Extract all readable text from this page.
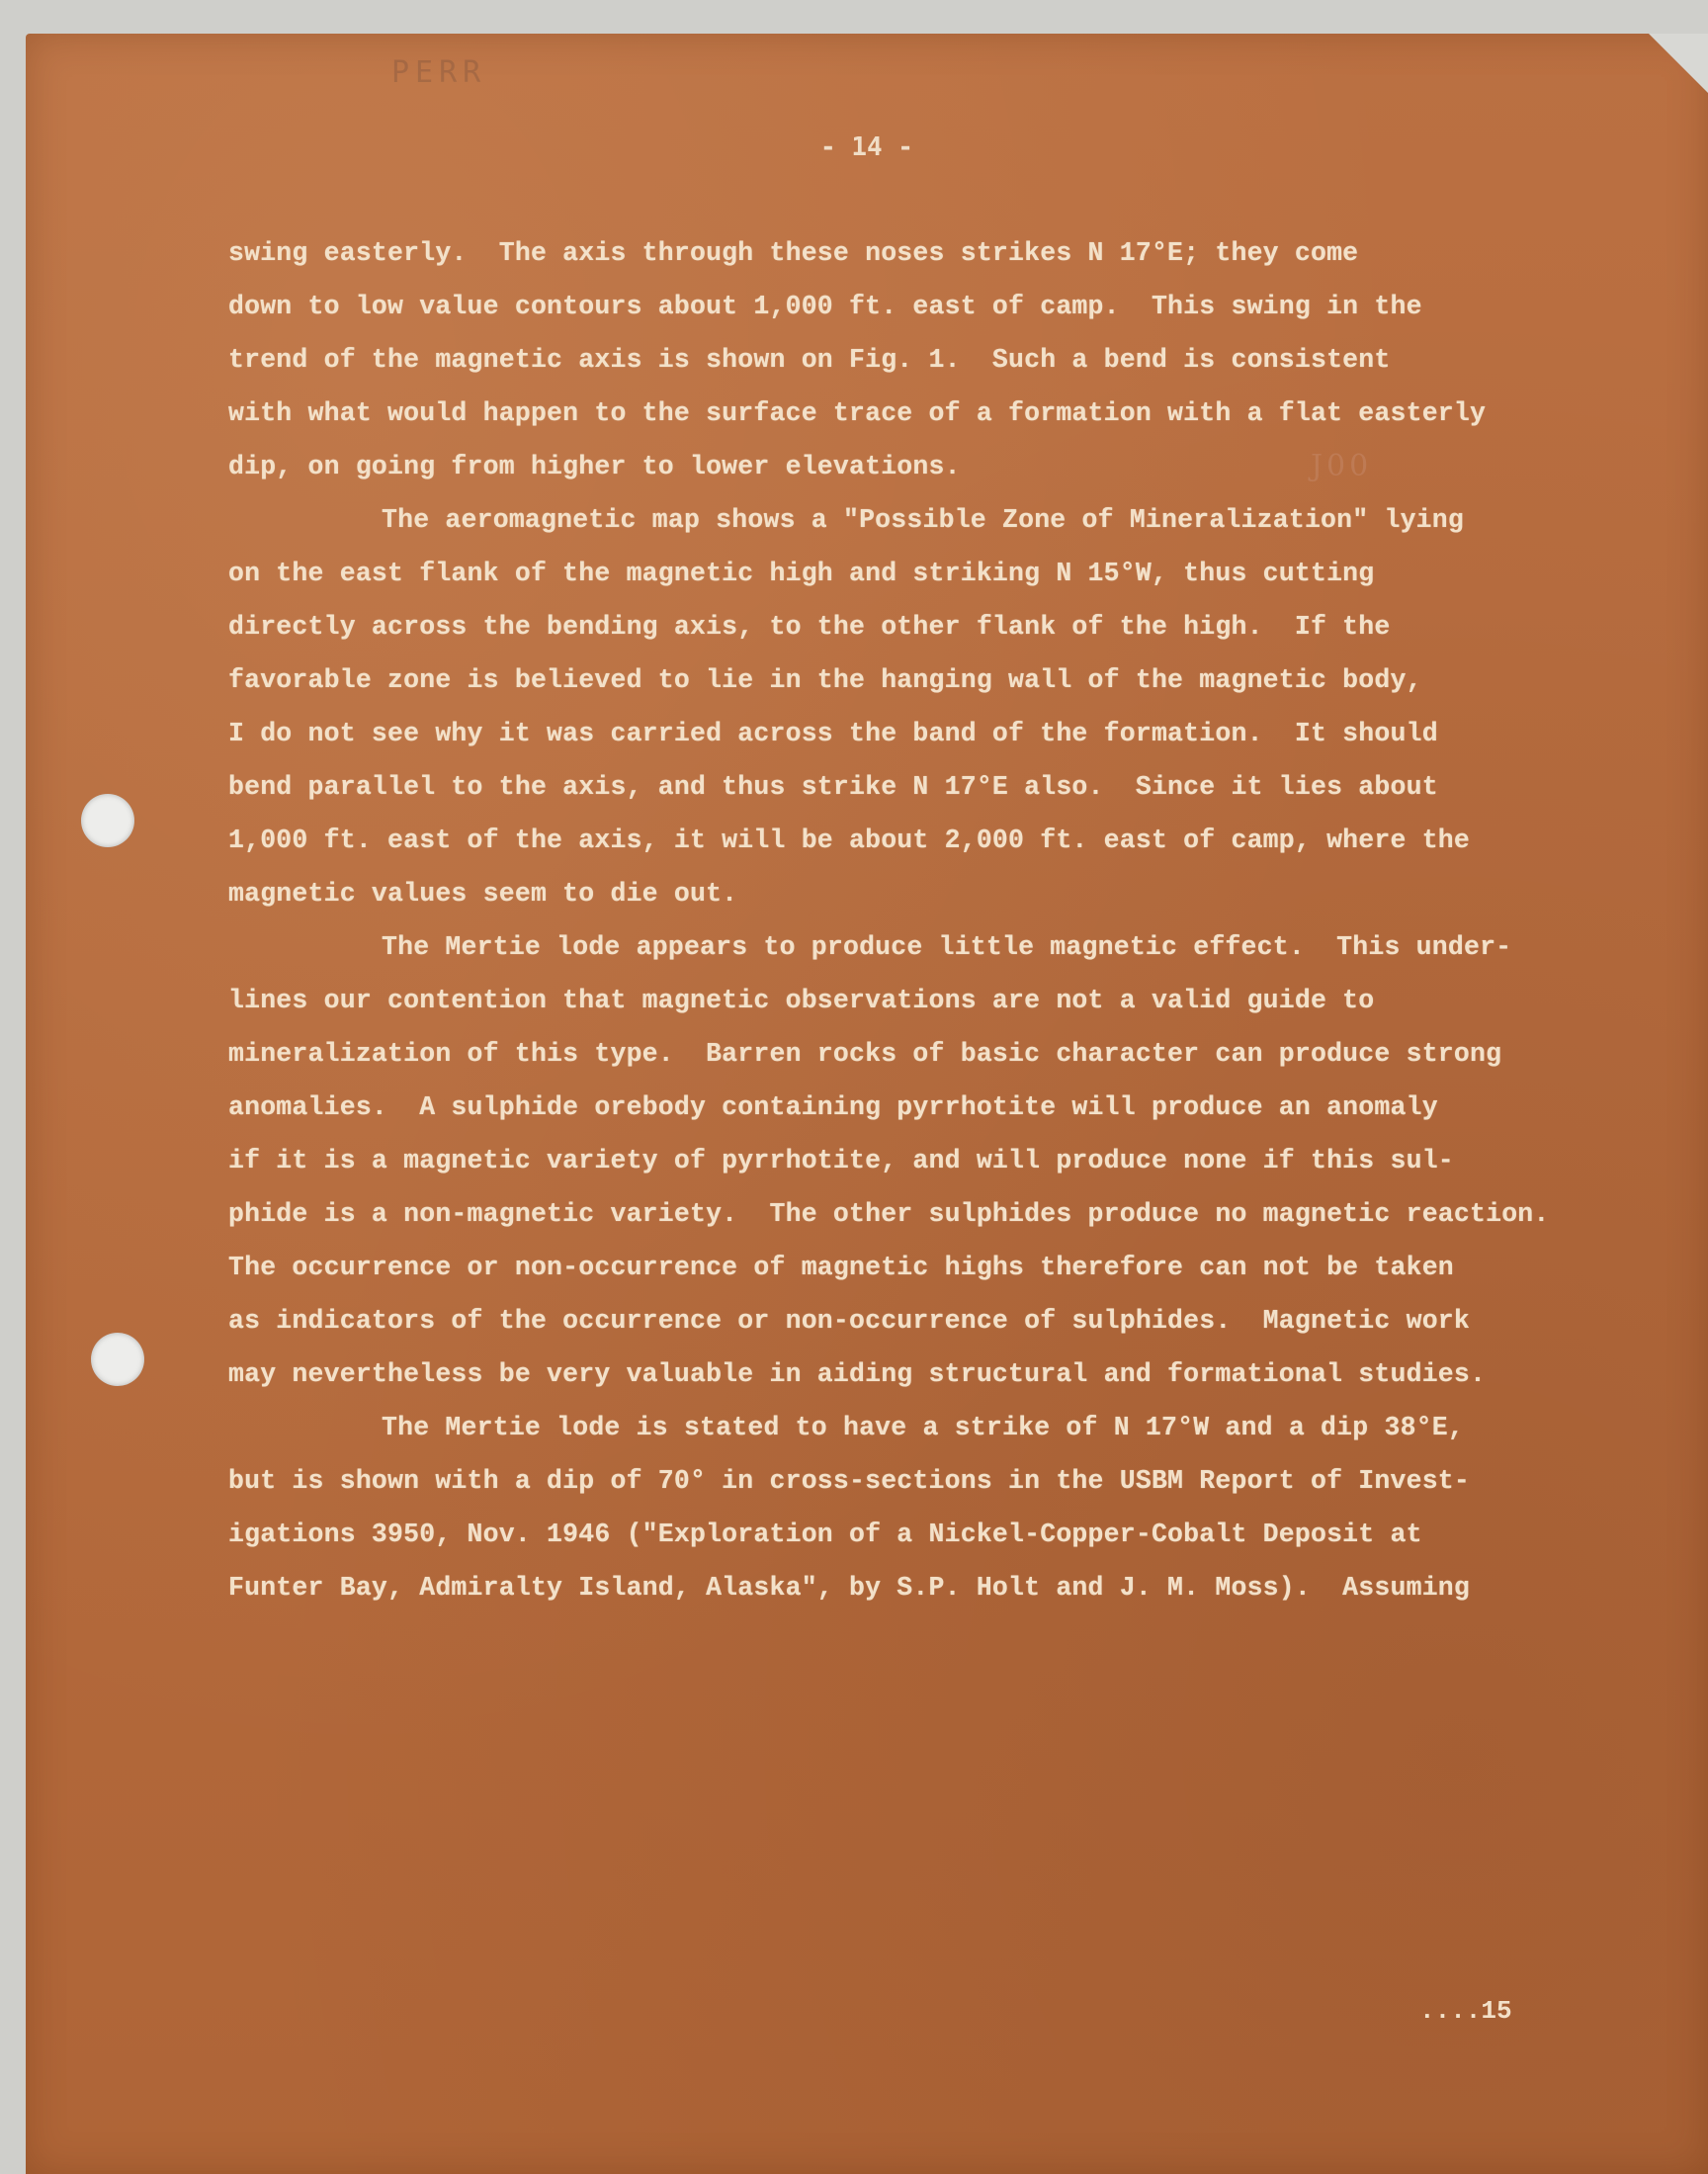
PERR
- 14 -
J00
swing easterly.  The axis through these noses strikes N 17°E; they come
down to low value contours about 1,000 ft. east of camp.  This swing in the
trend of the magnetic axis is shown on Fig. 1.  Such a bend is consistent
with what would happen to the surface trace of a formation with a flat easterly
dip, on going from higher to lower elevations.
The aeromagnetic map shows a "Possible Zone of Mineralization" lying
on the east flank of the magnetic high and striking N 15°W, thus cutting
directly across the bending axis, to the other flank of the high.  If the
favorable zone is believed to lie in the hanging wall of the magnetic body,
I do not see why it was carried across the band of the formation.  It should
bend parallel to the axis, and thus strike N 17°E also.  Since it lies about
1,000 ft. east of the axis, it will be about 2,000 ft. east of camp, where the
magnetic values seem to die out.
The Mertie lode appears to produce little magnetic effect.  This under-
lines our contention that magnetic observations are not a valid guide to
mineralization of this type.  Barren rocks of basic character can produce strong
anomalies.  A sulphide orebody containing pyrrhotite will produce an anomaly
if it is a magnetic variety of pyrrhotite, and will produce none if this sul-
phide is a non-magnetic variety.  The other sulphides produce no magnetic reaction.
The occurrence or non-occurrence of magnetic highs therefore can not be taken
as indicators of the occurrence or non-occurrence of sulphides.  Magnetic work
may nevertheless be very valuable in aiding structural and formational studies.
The Mertie lode is stated to have a strike of N 17°W and a dip 38°E,
but is shown with a dip of 70° in cross-sections in the USBM Report of Invest-
igations 3950, Nov. 1946 ("Exploration of a Nickel-Copper-Cobalt Deposit at
Funter Bay, Admiralty Island, Alaska", by S.P. Holt and J. M. Moss).  Assuming
....15
